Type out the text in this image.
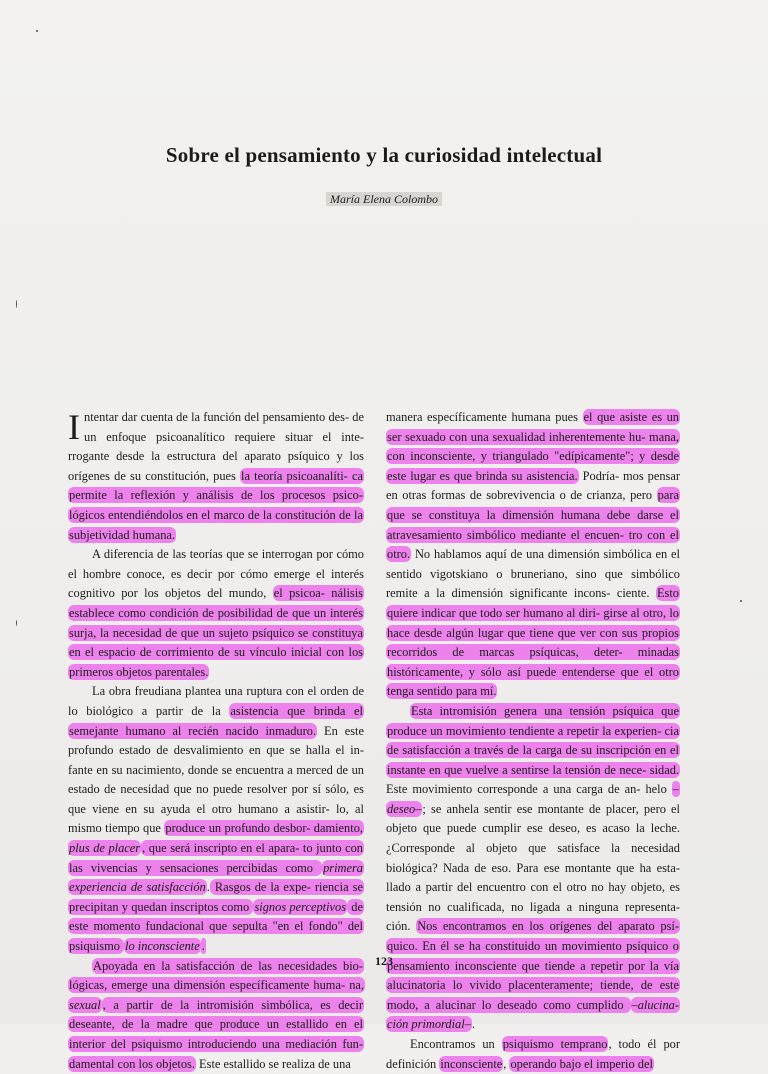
Sobre el pensamiento y la curiosidad intelectual
María Elena Colombo

Intentar dar cuenta de la función del pensamiento des- de un enfoque psicoanalítico requiere situar el inte- rrogante desde la estructura del aparato psíquico y los orígenes de su constitución, pues la teoría psicoanalíti- ca permite la reflexión y análisis de los procesos psico- lógicos entendiéndolos en el marco de la constitución de la subjetividad humana.

A diferencia de las teorías que se interrogan por cómo el hombre conoce, es decir por cómo emerge el interés cognitivo por los objetos del mundo, el psicoa- nálisis establece como condición de posibilidad de que un interés surja, la necesidad de que un sujeto psíquico se constituya en el espacio de corrimiento de su vínculo inicial con los primeros objetos parentales.

La obra freudiana plantea una ruptura con el orden de lo biológico a partir de la asistencia que brinda el semejante humano al recién nacido inmaduro. En este profundo estado de desvalimiento en que se halla el in- fante en su nacimiento, donde se encuentra a merced de un estado de necesidad que no puede resolver por sí sólo, es que viene en su ayuda el otro humano a asistir- lo, al mismo tiempo que produce un profundo desbor- damiento, plus de placer , que será inscripto en el apara- to junto con las vivencias y sensaciones percibidas como primera experiencia de satisfacción. Rasgos de la expe- riencia se precipitan y quedan inscriptos como signos perceptivos de este momento fundacional que sepulta "en el fondo" del psiquismo lo inconsciente .

Apoyada en la satisfacción de las necesidades bio- lógicas, emerge una dimensión específicamente huma- na, sexual , a partir de la intromisión simbólica, es decir deseante, de la madre que produce un estallido en el interior del psiquismo introduciendo una mediación fun- damental con los objetos. Este estallido se realiza de una

manera específicamente humana pues el que asiste es un ser sexuado con una sexualidad inherentemente hu- mana, con inconsciente, y triangulado "edípicamente"; y desde este lugar es que brinda su asistencia. Podría- mos pensar en otras formas de sobrevivencia o de crianza, pero para que se constituya la dimensión humana debe darse el atravesamiento simbólico mediante el encuen- tro con el otro. No hablamos aquí de una dimensión simbólica en el sentido vigotskiano o bruneriano, sino que simbólico remite a la dimensión significante incons- ciente. Esto quiere indicar que todo ser humano al diri- girse al otro, lo hace desde algún lugar que tiene que ver con sus propios recorridos de marcas psíquicas, deter- minadas históricamente, y sólo así puede entenderse que el otro tenga sentido para mí.

Esta intromisión genera una tensión psíquica que produce un movimiento tendiente a repetir la experien- cia de satisfacción a través de la carga de su inscripción en el instante en que vuelve a sentirse la tensión de nece- sidad. Este movimiento corresponde a una carga de an- helo –deseo–; se anhela sentir ese montante de placer, pero el objeto que puede cumplir ese deseo, es acaso la leche. ¿Corresponde al objeto que satisface la necesidad biológica? Nada de eso. Para ese montante que ha esta- llado a partir del encuentro con el otro no hay objeto, es tensión no cualificada, no ligada a ninguna representa- ción. Nos encontramos en los orígenes del aparato psí- quico. En él se ha constituido un movimiento psíquico o pensamiento inconsciente que tiende a repetir por la vía alucinatoria lo vivido placenteramente; tiende, de este modo, a alucinar lo deseado como cumplido –alucina- ción primordial–.

Encontramos un psiquismo temprano, todo él por definición inconsciente, operando bajo el imperio del

123
